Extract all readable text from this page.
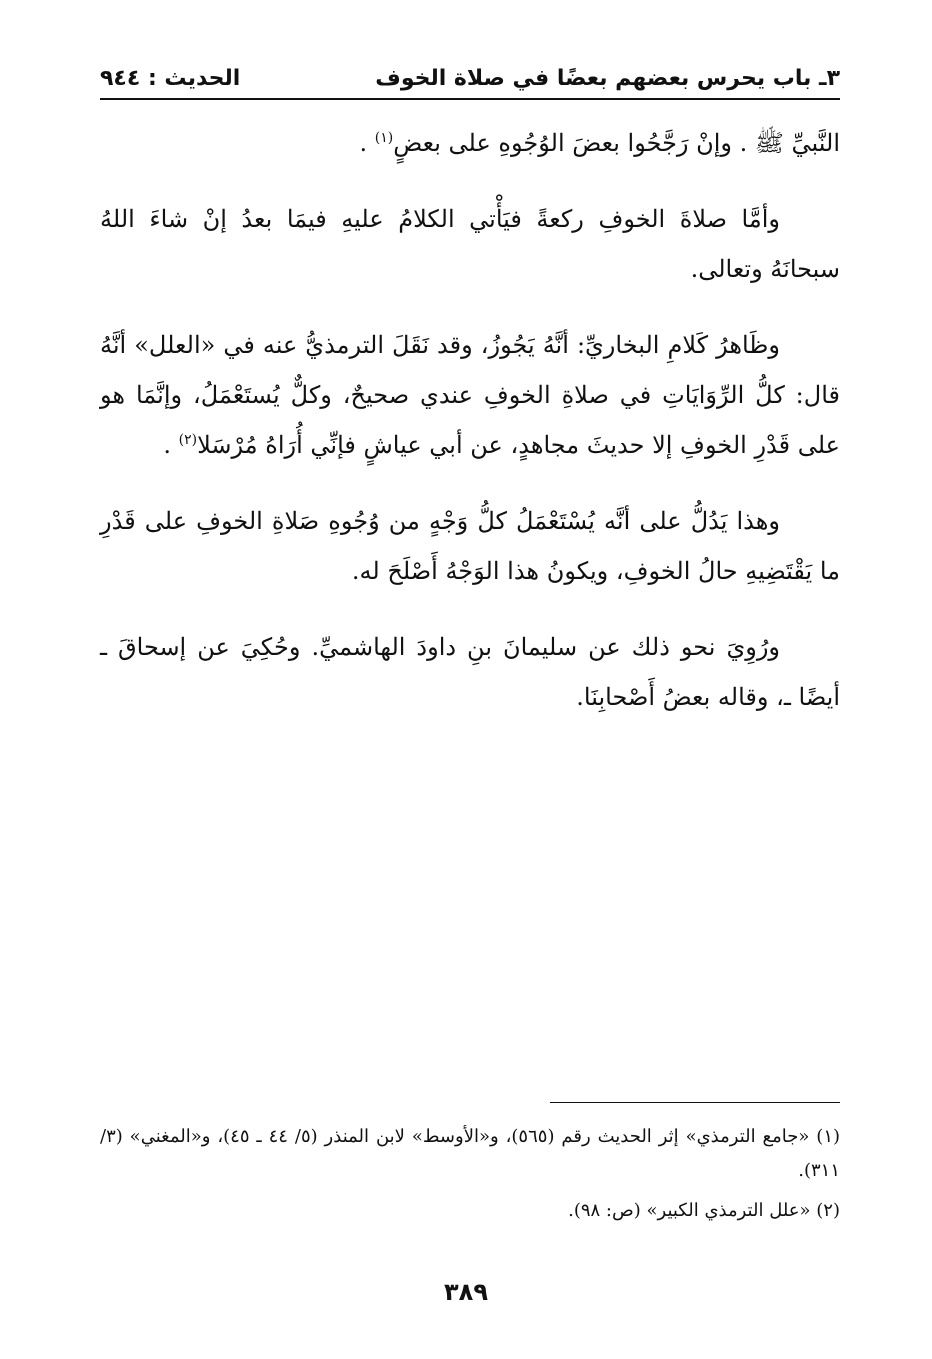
٣ـ باب يحرس بعضهم بعضًا في صلاة الخوف
الحديث : ٩٤٤

النَّبيِّ ﷺ . وإنْ رَجَّحُوا بعضَ الوُجُوهِ على بعضٍ$^{(١)}$ .

وأمَّا صلاةَ الخوفِ ركعةً فيَأْتي الكلامُ عليهِ فيمَا بعدُ إنْ شاءَ اللهُ سبحانَهُ وتعالى.

وظَاهرُ كَلامِ البخاريِّ: أنَّهُ يَجُوزُ، وقد نَقَلَ الترمذيُّ عنه في «العلل» أنَّهُ قال: كلُّ الرِّوَايَاتِ في صلاةِ الخوفِ عندي صحيحٌ، وكلٌّ يُستَعْمَلُ، وإنَّمَا هو على قَدْرِ الخوفِ إلا حديثَ مجاهدٍ، عن أبي عياشٍ فإنِّي أُرَاهُ مُرْسَلا$^{(٢)}$ .

وهذا يَدُلُّ على أنَّه يُسْتَعْمَلُ كلُّ وَجْهٍ من وُجُوهِ صَلاةِ الخوفِ على قَدْرِ ما يَقْتَضِيهِ حالُ الخوفِ، ويكونُ هذا الوَجْهُ أَصْلَحَ له.

ورُوِيَ نحو ذلك عن سليمانَ بنِ داودَ الهاشميِّ. وحُكِيَ عن إسحاقَ ـ أيضًا ـ، وقاله بعضُ أَصْحابِنَا.

(١) «جامع الترمذي» إثر الحديث رقم (٥٦٥)، و«الأوسط» لابن المنذر (٥/ ٤٤ ـ ٤٥)، و«المغني» (٣/ ٣١١).

(٢) «علل الترمذي الكبير» (ص: ٩٨).

٣٨٩
